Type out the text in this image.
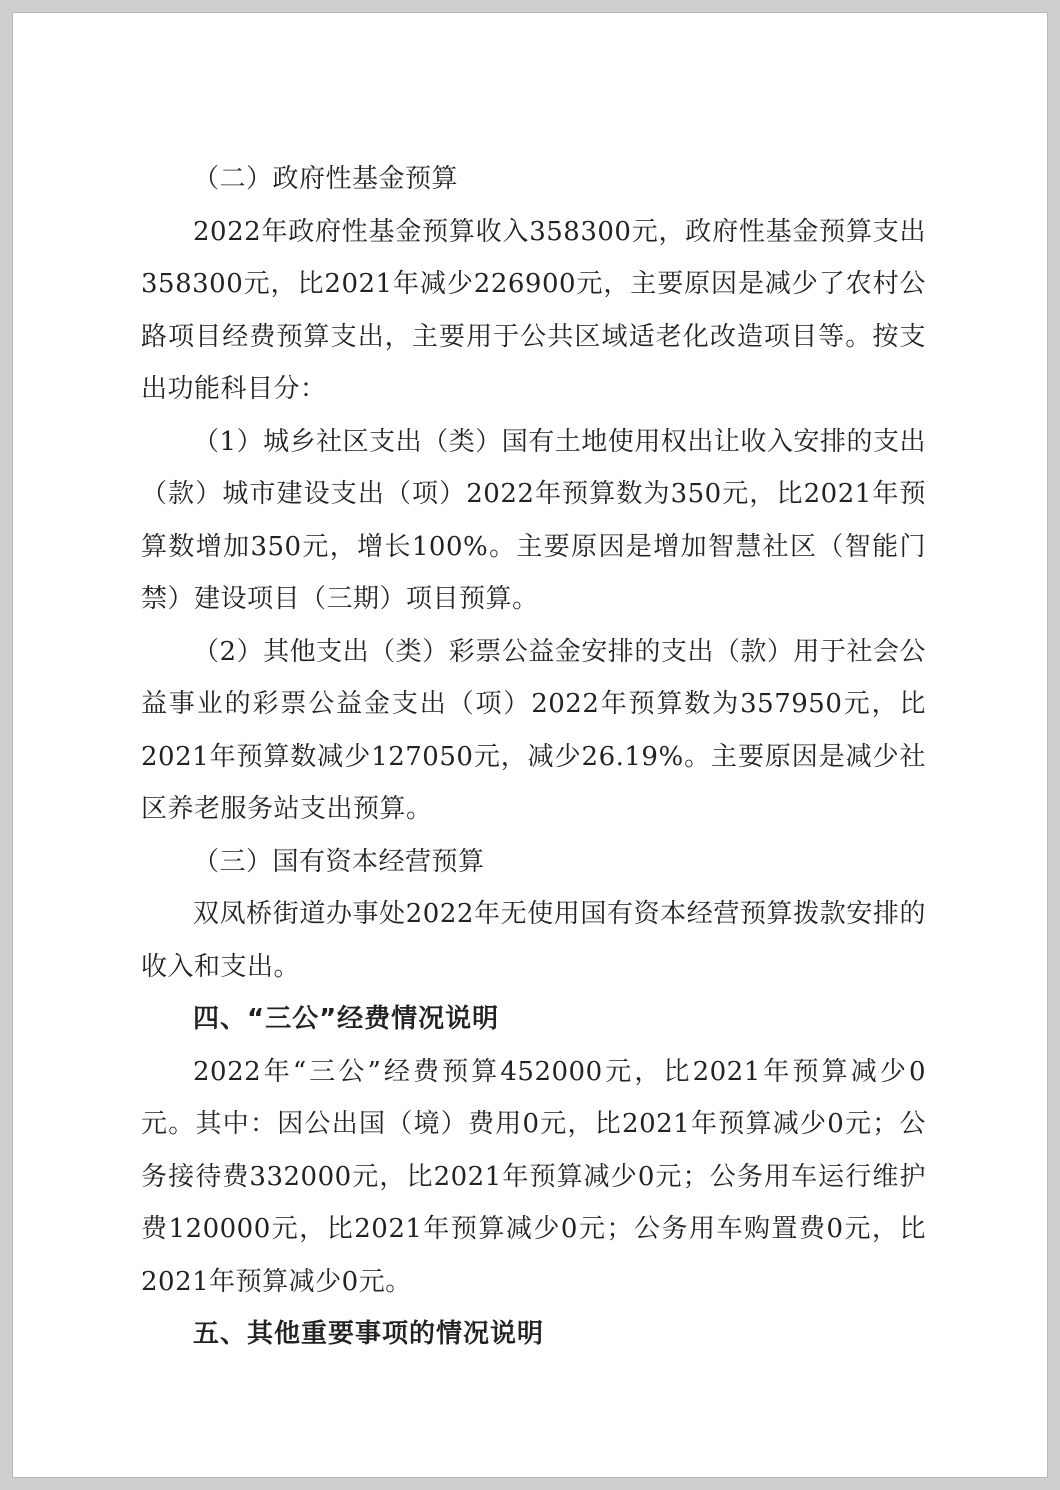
（二）政府性基金预算

2022年政府性基金预算收入358300元，政府性基金预算支出358300元，比2021年减少226900元，主要原因是减少了农村公路项目经费预算支出，主要用于公共区域适老化改造项目等。按支出功能科目分：

（1）城乡社区支出（类）国有土地使用权出让收入安排的支出（款）城市建设支出（项）2022年预算数为350元，比2021年预算数增加350元，增长100%。主要原因是增加智慧社区（智能门禁）建设项目（三期）项目预算。

（2）其他支出（类）彩票公益金安排的支出（款）用于社会公益事业的彩票公益金支出（项）2022年预算数为357950元，比2021年预算数减少127050元，减少26.19%。主要原因是减少社区养老服务站支出预算。

（三）国有资本经营预算

双凤桥街道办事处2022年无使用国有资本经营预算拨款安排的收入和支出。

四、“三公”经费情况说明

2022年“三公”经费预算452000元，比2021年预算减少0元。其中：因公出国（境）费用0元，比2021年预算减少0元；公务接待费332000元，比2021年预算减少0元；公务用车运行维护费120000元，比2021年预算减少0元；公务用车购置费0元，比2021年预算减少0元。

五、其他重要事项的情况说明
